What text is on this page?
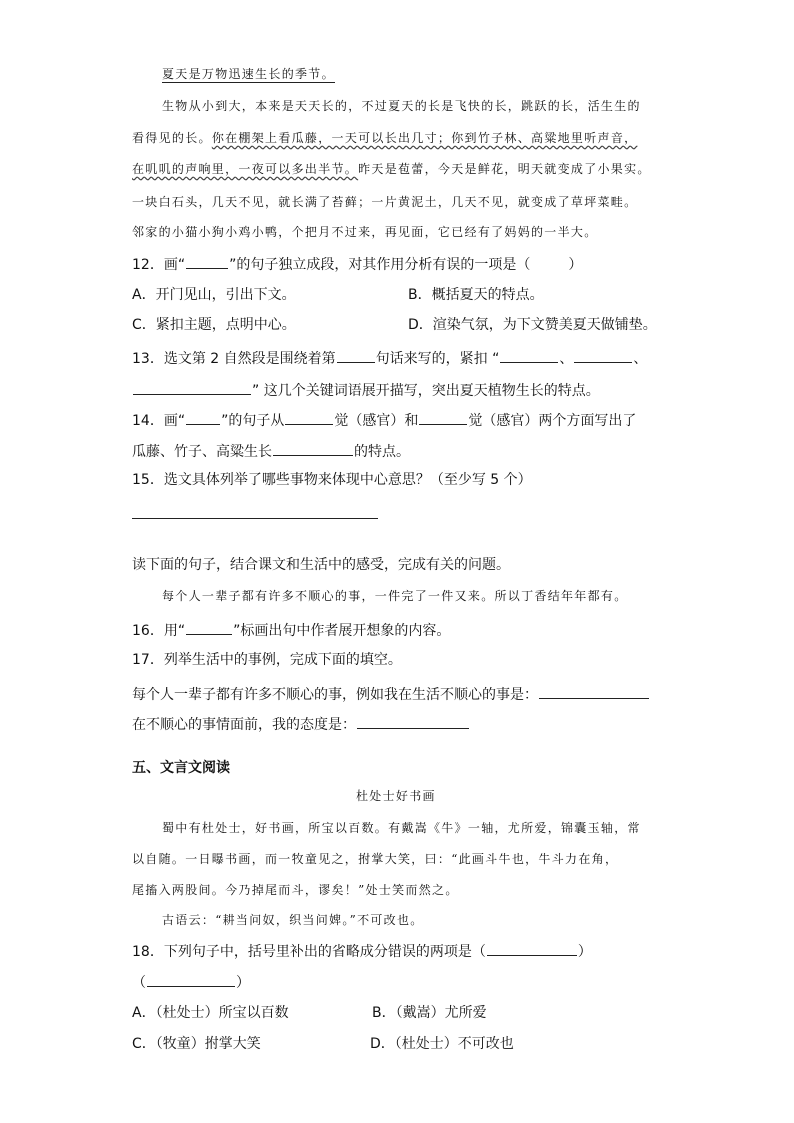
夏天是万物迅速生长的季节。
生物从小到大，本来是天天长的，不过夏天的长是飞快的长，跳跃的长，活生生的
看得见的长。你在棚架上看瓜藤，一天可以长出几寸；你到竹子林、高粱地里听声音，
在叽叽的声响里，一夜可以多出半节。昨天是苞蕾，今天是鲜花，明天就变成了小果实。
一块白石头，几天不见，就长满了苔藓；一片黄泥土，几天不见，就变成了草坪菜畦。
邻家的小猫小狗小鸡小鸭，个把月不过来，再见面，它已经有了妈妈的一半大。
12．画“	”的句子独立成段，对其作用分析有误的一项是（	）
A．开门见山，引出下文。	B．概括夏天的特点。
C．紧扣主题，点明中心。	D．渲染气氛，为下文赞美夏天做铺垫。
13．选文第 2 自然段是围绕着第	句话来写的，紧扣 “	、	、
” 这几个关键词语展开描写，突出夏天植物生长的特点。
14．画“	”的句子从	觉（感官）和	觉（感官）两个方面写出了
瓜藤、竹子、高粱生长	的特点。
15．选文具体列举了哪些事物来体现中心意思？（至少写 5 个）
读下面的句子，结合课文和生活中的感受，完成有关的问题。
每个人一辈子都有许多不顺心的事，一件完了一件又来。所以丁香结年年都有。
16．用“	”标画出句中作者展开想象的内容。
17．列举生活中的事例，完成下面的填空。
每个人一辈子都有许多不顺心的事，例如我在生活不顺心的事是：
在不顺心的事情面前，我的态度是：
五、文言文阅读
杜处士好书画
蜀中有杜处士，好书画，所宝以百数。有戴嵩《牛》一轴，尤所爱，锦囊玉轴，常
以自随。一日曝书画，而一牧童见之，拊掌大笑，曰：“此画斗牛也，牛斗力在角，
尾搐入两股间。今乃掉尾而斗，谬矣！”处士笑而然之。
古语云：“耕当问奴，织当问婢。”不可改也。
18．下列句子中，括号里补出的省略成分错误的两项是（	）
（	）
A．（杜处士）所宝以百数	B．（戴嵩）尤所爱
C．（牧童）拊掌大笑	D．（杜处士）不可改也
